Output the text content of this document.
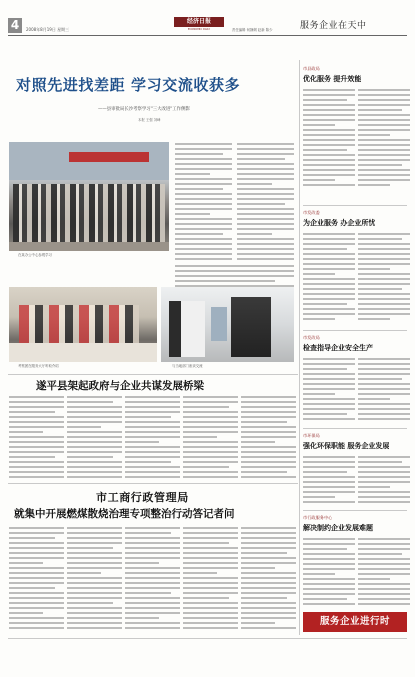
4	2008年8月19日 星期三
经济日报
ECONOMIC DAILY	责任编辑 何静纲 赵新 陈少	服务企业在天中
对照先进找差距 学习交流收获多
——县审批局长沙考察学习"三大改进"工作侧影
本报 王强 刘峰
在某办公中心参观学习
考察团在服务大厅听取介绍	与当地部门座谈交流
市县政局
优化服务 提升效能
市发改委
为企业服务 办企业所忧
市发改局
检查指导企业安全生产
市环保局
强化环保职能 服务企业发展
市行政服务中心
解决制约企业发展难题
服务企业进行时
遂平县架起政府与企业共谋发展桥梁
市工商行政管理局
就集中开展燃煤散烧治理专项整治行动答记者问
